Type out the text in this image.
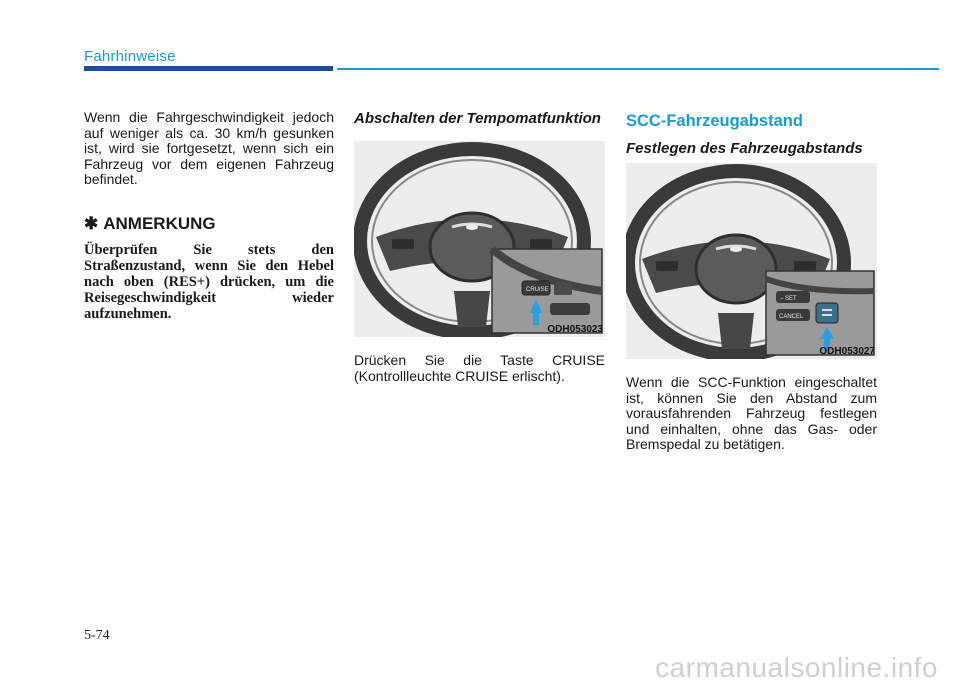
Fahrhinweise

Wenn die Fahrgeschwindigkeit jedoch auf weniger als ca. 30 km/h gesunken ist, wird sie fortgesetzt, wenn sich ein Fahrzeug vor dem eigenen Fahrzeug befindet.

✱ ANMERKUNG

Überprüfen Sie stets den Straßenzustand, wenn Sie den Hebel nach oben (RES+) drücken, um die Reisegeschwindigkeit wieder aufzunehmen.

Abschalten der Tempomatfunktion

CRUISE
ODH053023

Drücken Sie die Taste CRUISE (Kontrollleuchte CRUISE erlischt).

SCC-Fahrzeugabstand

Festlegen des Fahrzeugabstands

– SET
CANCEL
ODH053027

Wenn die SCC-Funktion eingeschaltet ist, können Sie den Abstand zum vorausfahrenden Fahrzeug festlegen und einhalten, ohne das Gas- oder Bremspedal zu betätigen.

5-74
carmanualsonline.info
